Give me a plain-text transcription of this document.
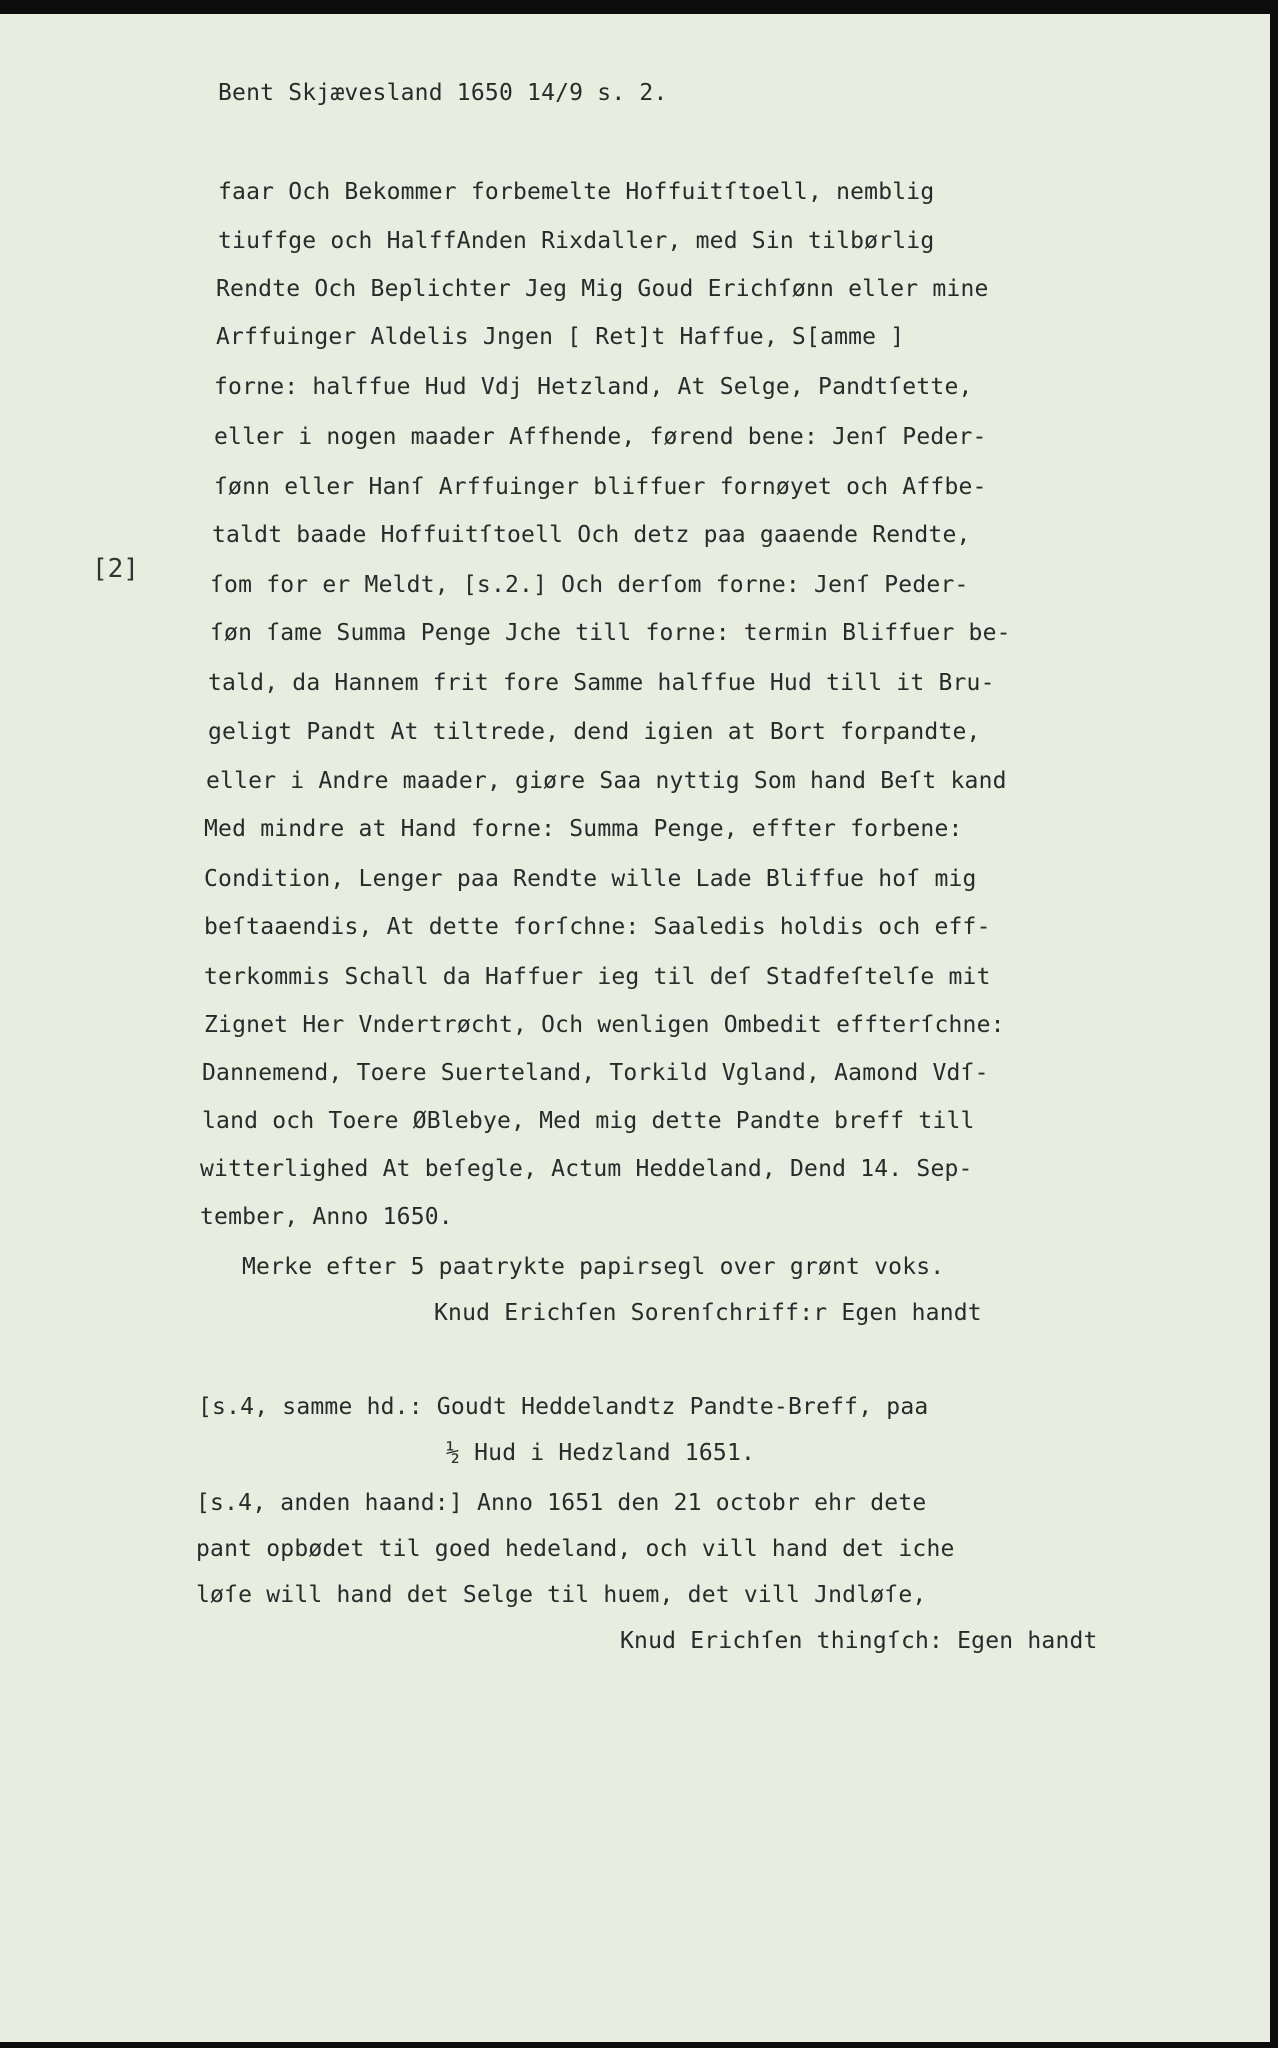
Bent Skjævesland 1650 14/9 s. 2.
[2]
faar Och Bekommer forbemelte Hoffuitſtoell, nemblig
tiuffge och HalffAnden Rixdaller, med Sin tilbørlig
Rendte Och Beplichter Jeg Mig Goud Erichſønn eller mine
Arffuinger Aldelis Jngen [ Ret]t Haffue, S[amme ]
forne: halffue Hud Vdj Hetzland, At Selge, Pandtſette,
eller i nogen maader Affhende, førend bene: Jenſ Peder-
ſønn eller Hanſ Arffuinger bliffuer fornøyet och Affbe-
taldt baade Hoffuitſtoell Och detz paa gaaende Rendte,
ſom for er Meldt, [s.2.] Och derſom forne: Jenſ Peder-
ſøn ſame Summa Penge Jche till forne: termin Bliffuer be-
tald, da Hannem frit fore Samme halffue Hud till it Bru-
geligt Pandt At tiltrede, dend igien at Bort forpandte,
eller i Andre maader, giøre Saa nyttig Som hand Beſt kand
Med mindre at Hand forne: Summa Penge, effter forbene:
Condition, Lenger paa Rendte wille Lade Bliffue hoſ mig
beſtaaendis, At dette forſchne: Saaledis holdis och eff-
terkommis Schall da Haffuer ieg til deſ Stadfeſtelſe mit
Zignet Her Vndertrøcht, Och wenligen Ombedit effterſchne:
Dannemend, Toere Suerteland, Torkild Vgland, Aamond Vdſ-
land och Toere ØBlebye, Med mig dette Pandte breff till
witterlighed At beſegle, Actum Heddeland, Dend 14. Sep-
tember, Anno 1650.
Merke efter 5 paatrykte papirsegl over grønt voks.
Knud Erichſen Sorenſchriff:r Egen handt
[s.4, samme hd.: Goudt Heddelandtz Pandte-Breff, paa
½ Hud i Hedzland 1651.
[s.4, anden haand:] Anno 1651 den 21 octobr ehr dete
pant opbødet til goed hedeland, och vill hand det iche
løſe will hand det Selge til huem, det vill Jndløſe,
Knud Erichſen thingſch: Egen handt
